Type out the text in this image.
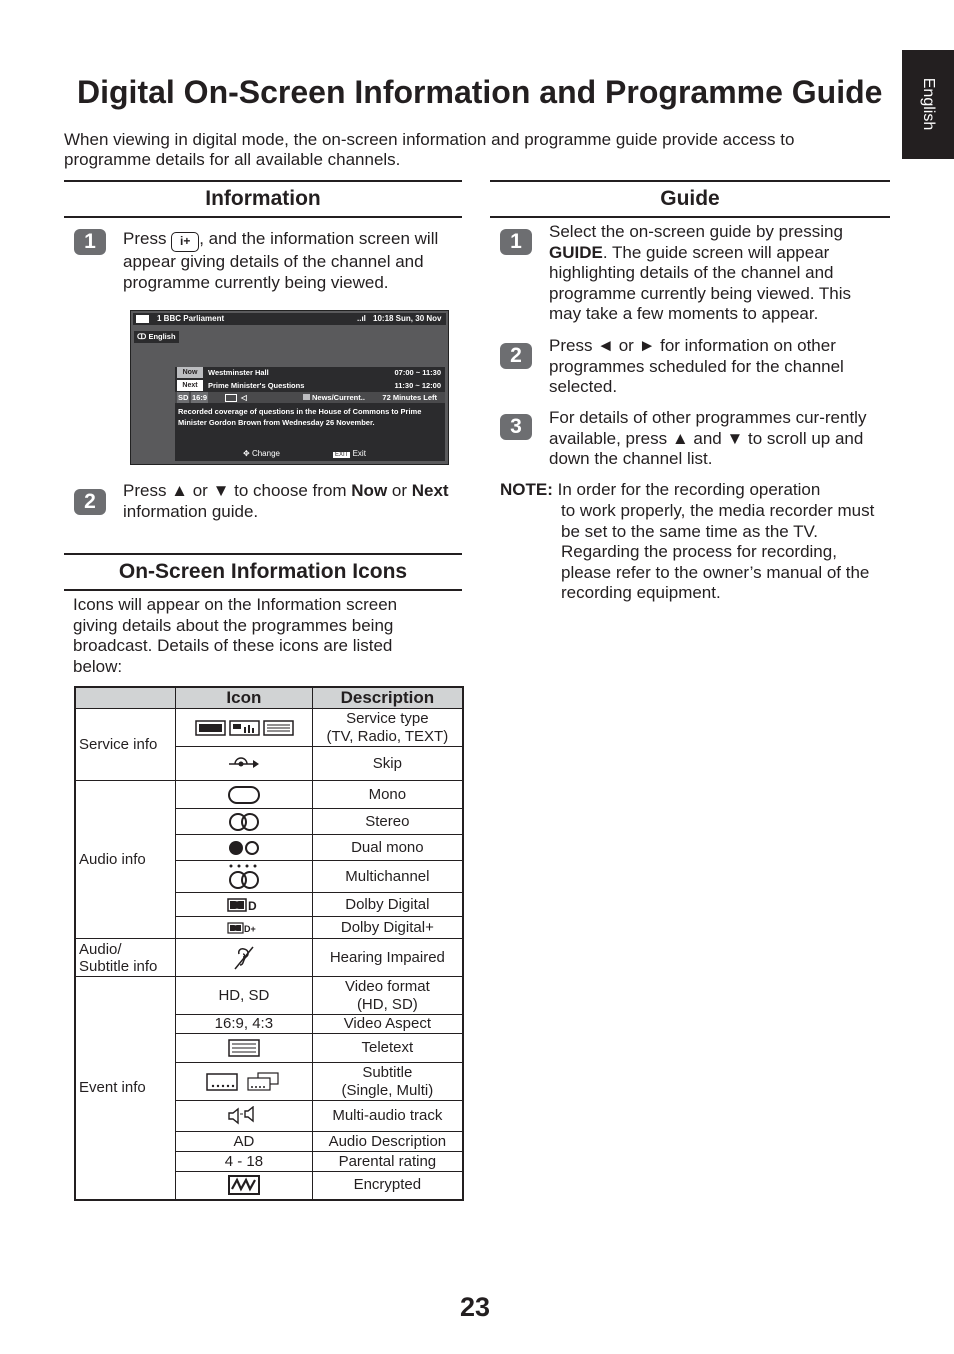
English
Digital On-Screen Information and Programme Guide

When viewing in digital mode, the on-screen information and programme guide provide access to programme details for all available channels.

Information
1	Press i+ , and the information screen will appear giving details of the channel and programme currently being viewed.

1 BBC Parliament	..ıl 10:18 Sun, 30 Nov
ↀ English
Now	Westminster Hall	07:00 ~ 11:30
Next	Prime Minister's Questions	11:30 ~ 12:00
SD 16:9	◁	News/Current.. 72 Minutes Left
Recorded coverage of questions in the House of Commons to Prime Minister Gordon Brown from Wednesday 26 November.
✥ Change	EXIT Exit
2	Press ▲ or ▼ to choose from Now or Next information guide.

On-Screen Information Icons

Icons will appear on the Information screen giving details about the programmes being broadcast. Details of these icons are listed below:

	Icon	Description
Service info		Service type
(TV, Radio, TEXT)
	Skip
Audio info		Mono
	Stereo
	Dual mono
	Multichannel

D	Dolby Digital

D+	Dolby Digital+
Audio/
Subtitle info		Hearing Impaired
Event info	HD, SD	Video format
(HD, SD)
	16:9, 4:3	Video Aspect
	Teletext
	Subtitle
(Single, Multi)
	Multi-audio track
	AD	Audio Description
	4 - 18	Parental rating
	Encrypted
Guide
1	Select the on-screen guide by pressing GUIDE. The guide screen will appear highlighting details of the channel and programme currently being viewed. This may take a few moments to appear.

2	Press ◄ or ► for information on other programmes scheduled for the channel selected.

3	For details of other programmes cur-rently available, press ▲ and ▼ to scroll up and down the channel list.

NOTE: In order for the recording operation

to work properly, the media recorder must be set to the same time as the TV. Regarding the process for recording, please refer to the owner’s manual of the recording equipment.

23
